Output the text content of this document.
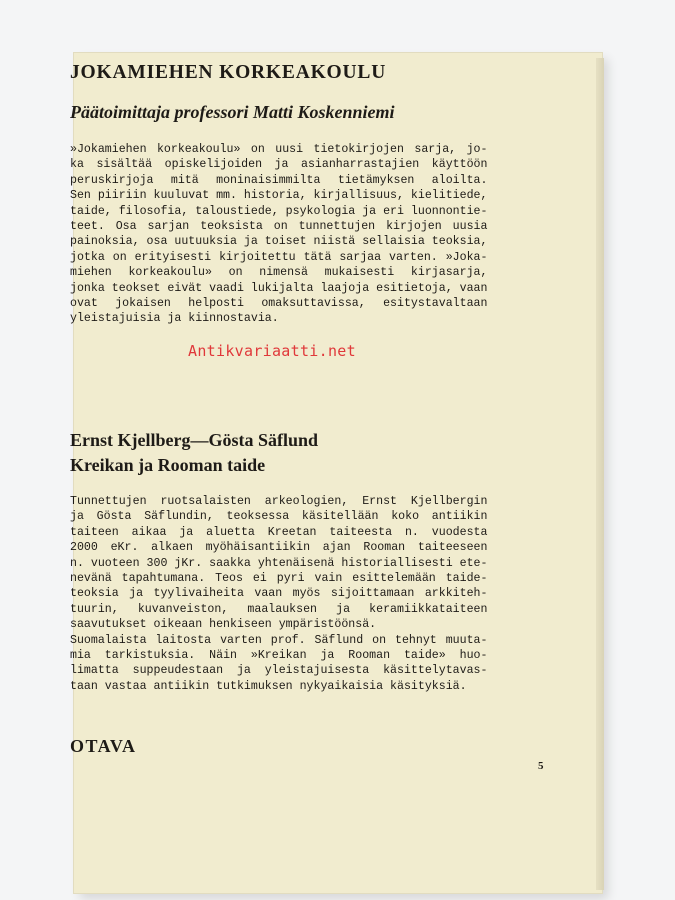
JOKAMIEHEN KORKEAKOULU
Päätoimittaja professori Matti Koskenniemi
»Jokamiehen korkeakoulu» on uusi tietokirjojen sarja, jo-
ka sisältää opiskelijoiden ja asianharrastajien käyttöön
peruskirjoja mitä moninaisimmilta tietämyksen aloilta.
Sen piiriin kuuluvat mm. historia, kirjallisuus, kielitiede,
taide, filosofia, taloustiede, psykologia ja eri luonnontie-
teet. Osa sarjan teoksista on tunnettujen kirjojen uusia
painoksia, osa uutuuksia ja toiset niistä sellaisia teoksia,
jotka on erityisesti kirjoitettu tätä sarjaa varten. »Joka-
miehen korkeakoulu» on nimensä mukaisesti kirjasarja,
jonka teokset eivät vaadi lukijalta laajoja esitietoja, vaan
ovat jokaisen helposti omaksuttavissa, esitystavaltaan
yleistajuisia ja kiinnostavia.
Ernst Kjellberg—Gösta Säflund
Kreikan ja Rooman taide
Tunnettujen ruotsalaisten arkeologien, Ernst Kjellbergin
ja Gösta Säflundin, teoksessa käsitellään koko antiikin
taiteen aikaa ja aluetta Kreetan taiteesta n. vuodesta
2000 eKr. alkaen myöhäisantiikin ajan Rooman taiteeseen
n. vuoteen 300 jKr. saakka yhtenäisenä historiallisesti ete-
nevänä tapahtumana. Teos ei pyri vain esittelemään taide-
teoksia ja tyylivaiheita vaan myös sijoittamaan arkkiteh-
tuurin, kuvanveiston, maalauksen ja keramiikkataiteen
saavutukset oikeaan henkiseen ympäristöönsä.
Suomalaista laitosta varten prof. Säflund on tehnyt muuta-
mia tarkistuksia. Näin »Kreikan ja Rooman taide» huo-
limatta suppeudestaan ja yleistajuisesta käsittelytavas-
taan vastaa antiikin tutkimuksen nykyaikaisia käsityksiä.
OTAVA
5
Antikvariaatti.net
